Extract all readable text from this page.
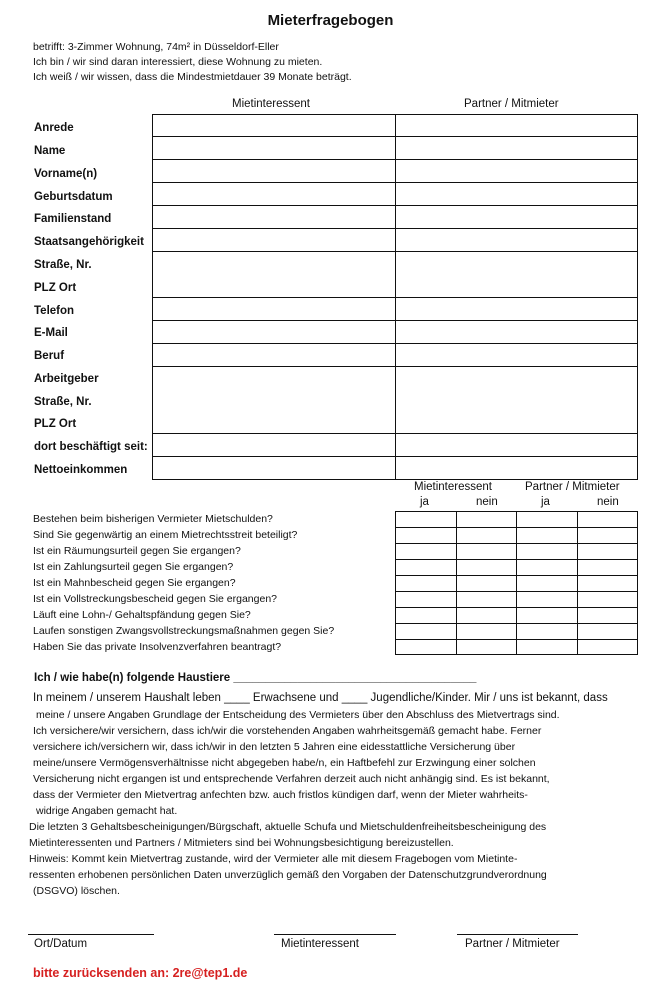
Mieterfragebogen
betrifft: 3-Zimmer Wohnung, 74m² in Düsseldorf-Eller
Ich bin / wir sind daran interessiert, diese Wohnung zu mieten.
Ich weiß / wir wissen, dass die Mindestmietdauer 39 Monate beträgt.
Mietinteressent	Partner / Mitmieter
Anrede
Name
Vorname(n)
Geburtsdatum
Familienstand
Staatsangehörigkeit
Straße, Nr.
PLZ Ort
Telefon
E-Mail
Beruf
Arbeitgeber
Straße, Nr.
PLZ Ort
dort beschäftigt seit:
Nettoeinkommen
Mietinteressent	Partner / Mitmieter
ja	nein	ja	nein
Bestehen beim bisherigen Vermieter Mietschulden?
Sind Sie gegenwärtig an einem Mietrechtsstreit beteiligt?
Ist ein Räumungsurteil gegen Sie ergangen?
Ist ein Zahlungsurteil gegen Sie ergangen?
Ist ein Mahnbescheid gegen Sie ergangen?
Ist ein Vollstreckungsbescheid gegen Sie ergangen?
Läuft eine Lohn-/ Gehaltspfändung gegen Sie?
Laufen sonstigen Zwangsvollstreckungsmaßnahmen gegen Sie?
Haben Sie das private Insolvenzverfahren beantragt?
Ich / wie habe(n) folgende Haustiere ______________________________________
In meinem / unserem Haushalt leben ____ Erwachsene und ____ Jugendliche/Kinder. Mir / uns ist bekannt, dass
meine / unsere Angaben Grundlage der Entscheidung des Vermieters über den Abschluss des Mietvertrags sind.
Ich versichere/wir versichern, dass ich/wir die vorstehenden Angaben wahrheitsgemäß gemacht habe. Ferner
versichere ich/versichern wir, dass ich/wir in den letzten 5 Jahren eine eidesstattliche Versicherung über
meine/unsere Vermögensverhältnisse nicht abgegeben habe/n, ein Haftbefehl zur Erzwingung einer solchen
Versicherung nicht ergangen ist und entsprechende Verfahren derzeit auch nicht anhängig sind. Es ist bekannt,
dass der Vermieter den Mietvertrag anfechten bzw. auch fristlos kündigen darf, wenn der Mieter wahrheits-
widrige Angaben gemacht hat.
Die letzten 3 Gehaltsbescheinigungen/Bürgschaft, aktuelle Schufa und Mietschuldenfreiheitsbescheinigung des
Mietinteressenten und Partners / Mitmieters sind bei Wohnungsbesichtigung bereizustellen.
Hinweis: Kommt kein Mietvertrag zustande, wird der Vermieter alle mit diesem Fragebogen vom Mietinte-
ressenten erhobenen persönlichen Daten unverzüglich gemäß den Vorgaben der Datenschutzgrundverordnung
(DSGVO) löschen.
Ort/Datum	Mietinteressent	Partner / Mitmieter
bitte zurücksenden an: 2re@tep1.de
